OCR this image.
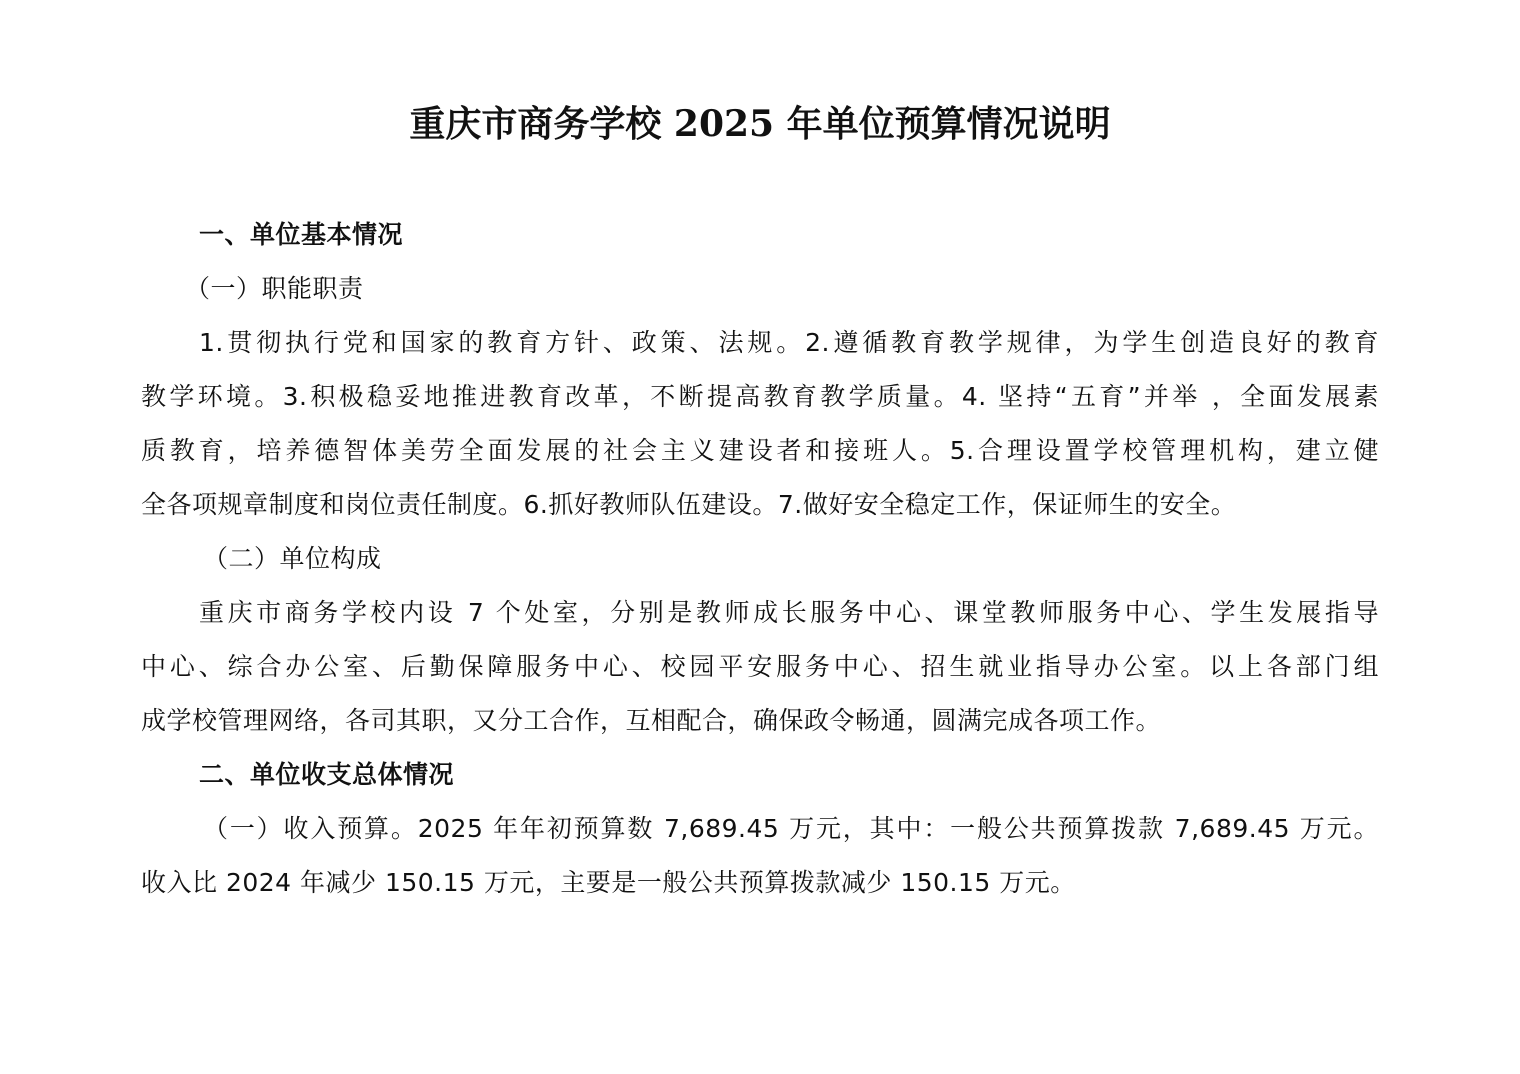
重庆市商务学校 2025 年单位预算情况说明
一、单位基本情况
（一）职能职责
1.贯彻执行党和国家的教育方针、政策、法规。2.遵循教育教学规律，为学生创造良好的教育
教学环境。3.积极稳妥地推进教育改革，不断提高教育教学质量。4. 坚持“五育”并举 ，全面发展素
质教育，培养德智体美劳全面发展的社会主义建设者和接班人。5.合理设置学校管理机构，建立健
全各项规章制度和岗位责任制度。6.抓好教师队伍建设。7.做好安全稳定工作，保证师生的安全。
（二）单位构成
重庆市商务学校内设 7 个处室，分别是教师成长服务中心、课堂教师服务中心、学生发展指导
中心、综合办公室、后勤保障服务中心、校园平安服务中心、招生就业指导办公室。以上各部门组
成学校管理网络，各司其职，又分工合作，互相配合，确保政令畅通，圆满完成各项工作。
二、单位收支总体情况
（一）收入预算。2025 年年初预算数 7,689.45 万元，其中：一般公共预算拨款 7,689.45 万元。
收入比 2024 年减少 150.15 万元，主要是一般公共预算拨款减少 150.15 万元。
